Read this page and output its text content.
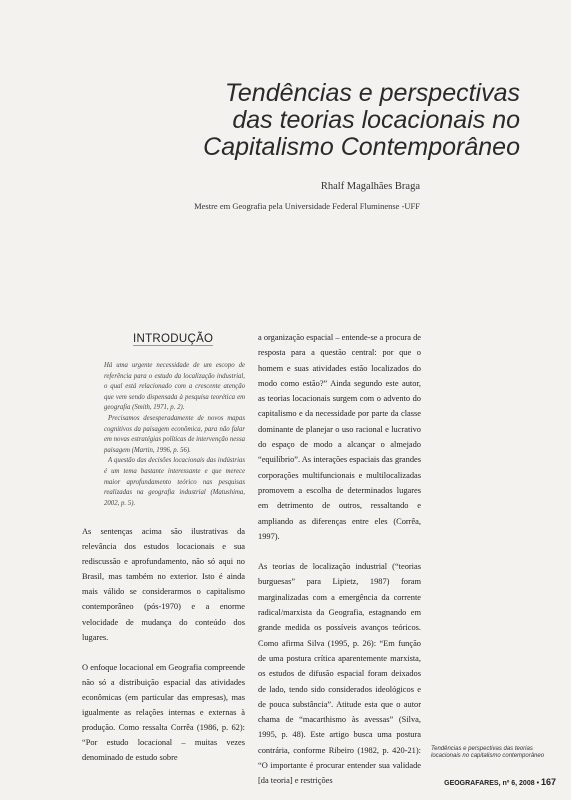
Tendências e perspectivas
das teorias locacionais no
Capitalismo Contemporâneo
Rhalf Magalhães Braga
Mestre em Geografia pela Universidade Federal Fluminense -UFF
INTRODUÇÃO

Há uma urgente necessidade de um escopo de referência para o estudo da localização industrial, o qual está relacionado com a crescente atenção que vem sendo dispensada à pesquisa teorética em geografia (Smith, 1971, p. 2).

Precisamos desesperadamente de novos mapas cognitivos da paisagem econômica, para não falar em novas estratégias políticas de intervenção nessa paisagem (Martin, 1996, p. 56).

A questão das decisões locacionais das indústrias é um tema bastante interessante e que merece maior aprofundamento teórico nas pesquisas realizadas na geografia industrial (Matushima, 2002, p. 5).

As sentenças acima são ilustrativas da relevância dos estudos locacionais e sua rediscussão e aprofundamento, não só aqui no Brasil, mas também no exterior. Isto é ainda mais válido se considerarmos o capitalismo contemporâneo (pós-1970) e a enorme velocidade de mudança do conteúdo dos lugares.

O enfoque locacional em Geografia compreende não só a distribuição espacial das atividades econômicas (em particular das empresas), mas igualmente as relações internas e externas à produção. Como ressalta Corrêa (1986, p. 62): “Por estudo locacional – muitas vezes denominado de estudo sobre

a organização espacial – entende-se a procura de resposta para a questão central: por que o homem e suas atividades estão localizados do modo como estão?” Ainda segundo este autor, as teorias locacionais surgem com o advento do capitalismo e da necessidade por parte da classe dominante de planejar o uso racional e lucrativo do espaço de modo a alcançar o almejado “equilíbrio”. As interações espaciais das grandes corporações multifuncionais e multilocalizadas promovem a escolha de determinados lugares em detrimento de outros, ressaltando e ampliando as diferenças entre eles (Corrêa, 1997).

As teorias de localização industrial (“teorias burguesas” para Lipietz, 1987) foram marginalizadas com a emergência da corrente radical/marxista da Geografia, estagnando em grande medida os possíveis avanços teóricos. Como afirma Silva (1995, p. 26): “Em função de uma postura crítica aparentemente marxista, os estudos de difusão espacial foram deixados de lado, tendo sido considerados ideológicos e de pouca substância”. Atitude esta que o autor chama de “macarthismo às avessas” (Silva, 1995, p. 48). Este artigo busca uma postura contrária, conforme Ribeiro (1982, p. 420-21): “O importante é procurar entender sua validade [da teoria] e restrições

Tendências e perspectivas das teorias locacionais no capitalismo contemporâneo
GEOGRAFARES, nº 6, 2008 • 167
